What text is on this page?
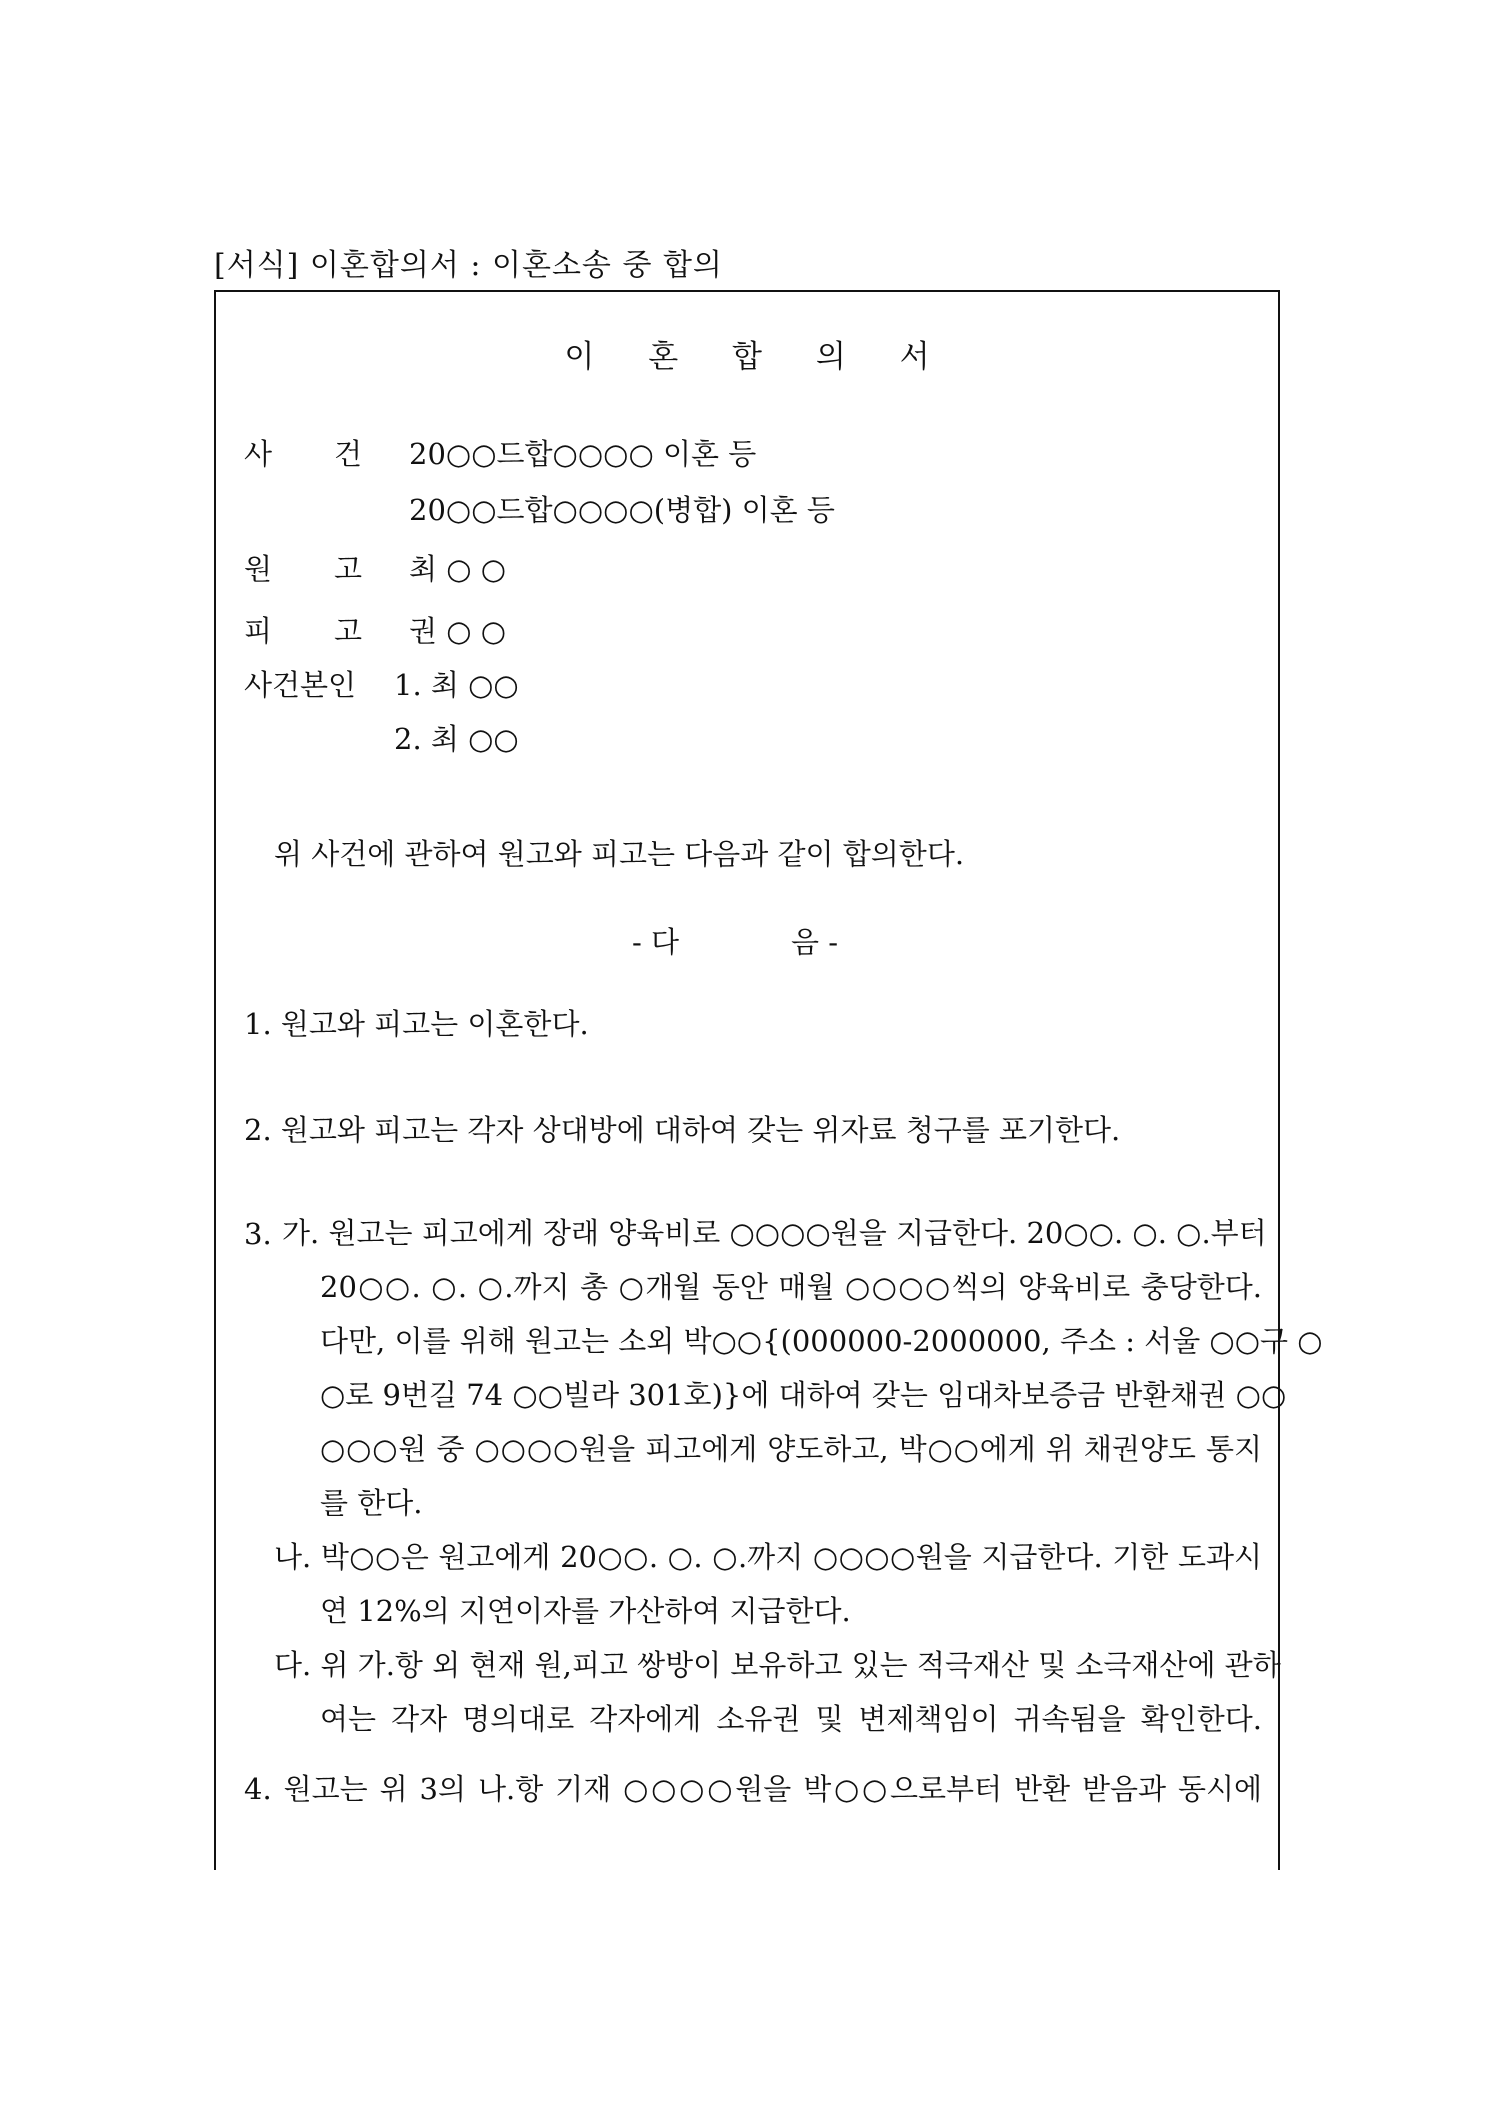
[서식] 이혼합의서 : 이혼소송 중 합의
이 혼 합 의 서
사 건 20○○드합○○○○ 이혼 등
20○○드합○○○○(병합) 이혼 등
원 고 최 ○ ○
피 고 권 ○ ○
사건본인 1. 최 ○○
2. 최 ○○
위 사건에 관하여 원고와 피고는 다음과 같이 합의한다.
- 다	음 -
1. 원고와 피고는 이혼한다.
2. 원고와 피고는 각자 상대방에 대하여 갖는 위자료 청구를 포기한다.
3. 가. 원고는 피고에게 장래 양육비로 ○○○○원을 지급한다. 20○○. ○. ○.부터
20○○. ○. ○.까지 총 ○개월 동안 매월 ○○○○씩의 양육비로 충당한다.
다만, 이를 위해 원고는 소외 박○○{(000000-2000000, 주소 : 서울 ○○구 ○
○로 9번길 74 ○○빌라 301호)}에 대하여 갖는 임대차보증금 반환채권 ○○
○○○원 중 ○○○○원을 피고에게 양도하고, 박○○에게 위 채권양도 통지
를 한다.
나. 박○○은 원고에게 20○○. ○. ○.까지 ○○○○원을 지급한다. 기한 도과시
연 12%의 지연이자를 가산하여 지급한다.
다. 위 가.항 외 현재 원,피고 쌍방이 보유하고 있는 적극재산 및 소극재산에 관하
여는 각자 명의대로 각자에게 소유권 및 변제책임이 귀속됨을 확인한다.
4. 원고는 위 3의 나.항 기재 ○○○○원을 박○○으로부터 반환 받음과 동시에
